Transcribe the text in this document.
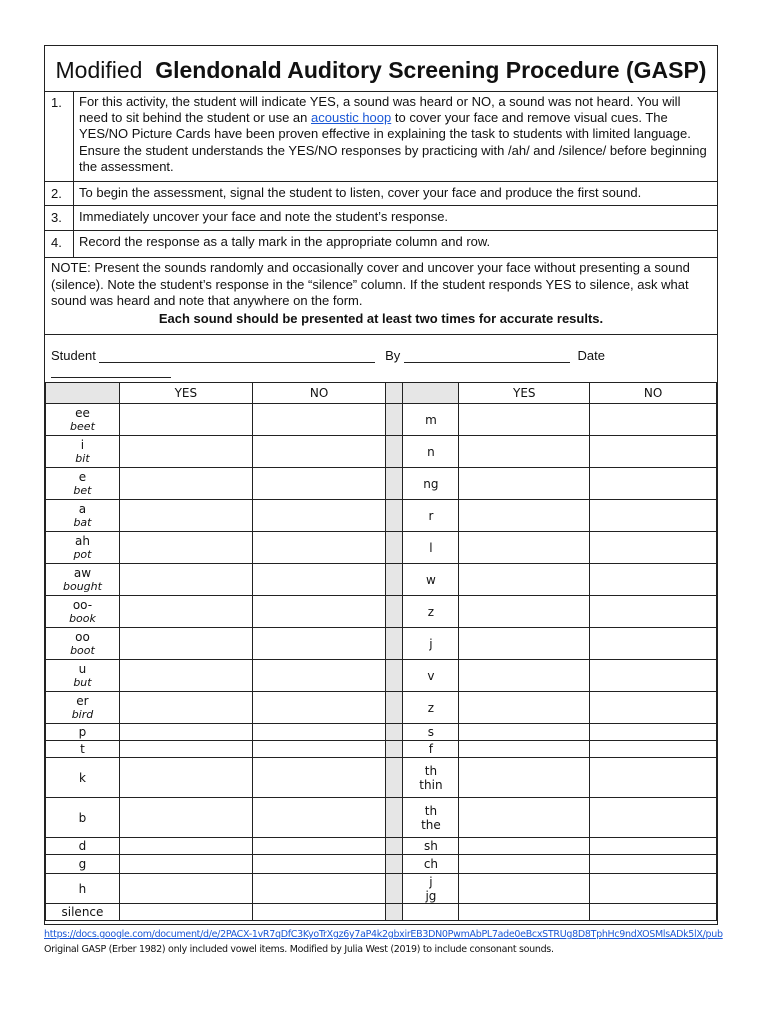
Modified Glendonald Auditory Screening Procedure (GASP)
1.	For this activity, the student will indicate YES, a sound was heard or NO, a sound was not heard. You will need to sit behind the student or use an acoustic hoop to cover your face and remove visual cues. The YES/NO Picture Cards have been proven effective in explaining the task to students with limited language. Ensure the student understands the YES/NO responses by practicing with /ah/ and /silence/ before beginning the assessment.
2.	To begin the assessment, signal the student to listen, cover your face and produce the first sound.
3.	Immediately uncover your face and note the student’s response.
4.	Record the response as a tally mark in the appropriate column and row.
NOTE: Present the sounds randomly and occasionally cover and uncover your face without presenting a sound (silence). Note the student’s response in the “silence” column. If the student responds YES to silence, ask what sound was heard and note that anywhere on the form.
Each sound should be presented at least two times for accurate results.
Student	By	Date
	YES	NO			YES	NO

ee
beet				m		

i
bit				n		

e
bet				ng		

a
bat				r		

ah
pot				l		

aw
bought				w		

oo-
book				z		

oo
boot				j		

u
but				v		

er
bird				z		

p				s		

t				f		

k				th
thin		

b				th
the		

d				sh		

g				ch		

h				j
jg		

silence						

https://docs.google.com/document/d/e/2PACX-1vR7qDfC3KyoTrXgz6y7aP4k2gbxirEB3DN0PwmAbPL7ade0eBcxSTRUg8D8TphHc9ndXOSMlsADk5lX/pub
Original GASP (Erber 1982) only included vowel items. Modified by Julia West (2019) to include consonant sounds.
